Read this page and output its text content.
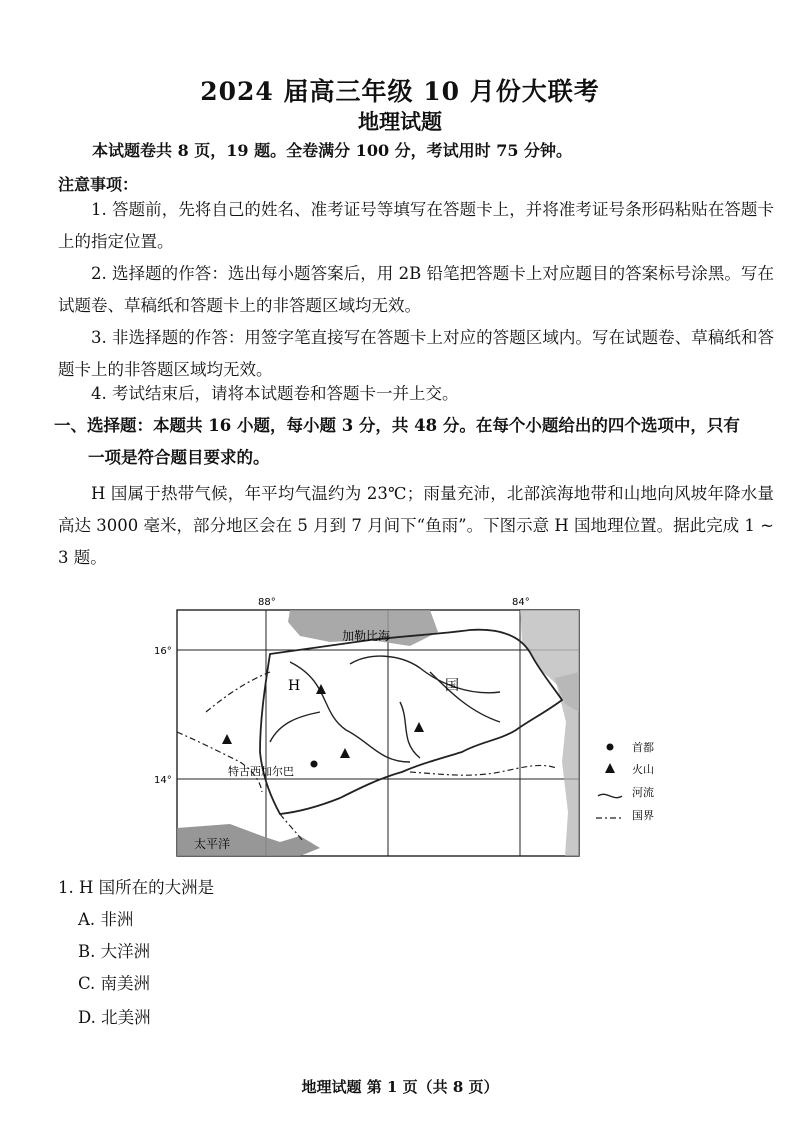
2024 届高三年级 10 月份大联考
地理试题
本试题卷共 8 页，19 题。全卷满分 100 分，考试用时 75 分钟。
注意事项：

1. 答题前，先将自己的姓名、准考证号等填写在答题卡上，并将准考证号条形码粘贴在答题卡上的指定位置。

2. 选择题的作答：选出每小题答案后，用 2B 铅笔把答题卡上对应题目的答案标号涂黑。写在试题卷、草稿纸和答题卡上的非答题区域均无效。

3. 非选择题的作答：用签字笔直接写在答题卡上对应的答题区域内。写在试题卷、草稿纸和答题卡上的非答题区域均无效。

4. 考试结束后，请将本试题卷和答题卡一并上交。

一、选择题：本题共 16 小题，每小题 3 分，共 48 分。在每个小题给出的四个选项中，只有
一项是符合题目要求的。

H 国属于热带气候，年平均气温约为 23℃；雨量充沛，北部滨海地带和山地向风坡年降水量高达 3000 毫米，部分地区会在 5 月到 7 月间下“鱼雨”。下图示意 H 国地理位置。据此完成 1 ~ 3 题。

88°	84°
16°
14°
加勒比海
太平洋
H	国
特古西加尔巴
首都
火山
河流
国界
1. H 国所在的大洲是
A. 非洲
B. 大洋洲
C. 南美洲
D. 北美洲
地理试题 第 1 页（共 8 页）
